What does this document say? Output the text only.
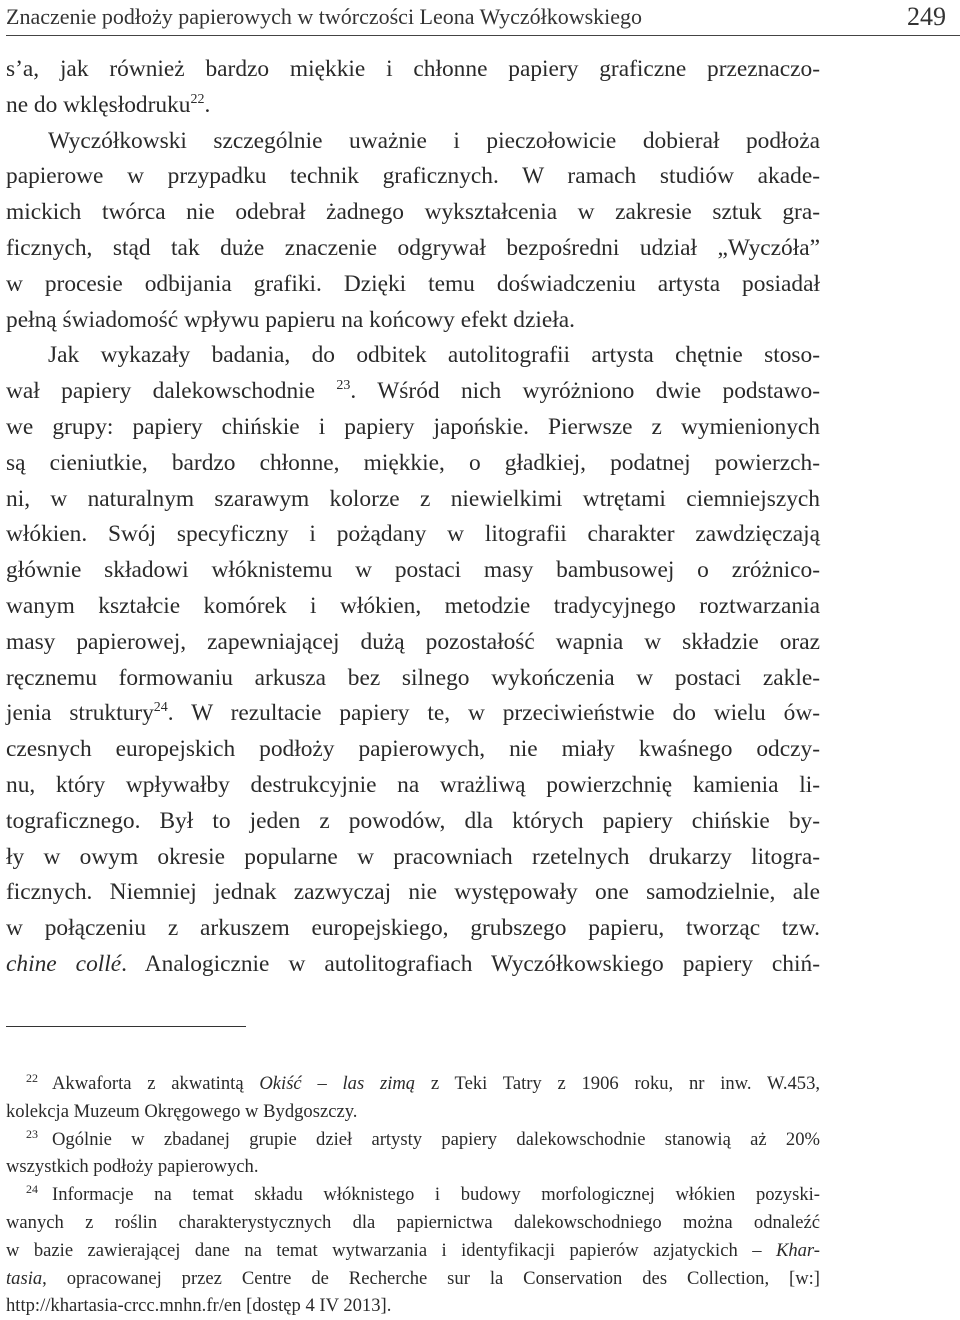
Znaczenie podłoży papierowych w twórczości Leona Wyczółkowskiego	249
s’a, jak również bardzo miękkie i chłonne papiery graficzne przeznaczo-
ne do wklęsłodruku$^{22}$.
Wyczółkowski szczególnie uważnie i pieczołowicie dobierał podłoża
papierowe w przypadku technik graficznych. W ramach studiów akade-
mickich twórca nie odebrał żadnego wykształcenia w zakresie sztuk gra-
ficznych, stąd tak duże znaczenie odgrywał bezpośredni udział „Wyczóła”
w procesie odbijania grafiki. Dzięki temu doświadczeniu artysta posiadał
pełną świadomość wpływu papieru na końcowy efekt dzieła.
Jak wykazały badania, do odbitek autolitografii artysta chętnie stoso-
wał papiery dalekowschodnie $^{23}$. Wśród nich wyróżniono dwie podstawo-
we grupy: papiery chińskie i papiery japońskie. Pierwsze z wymienionych
są cieniutkie, bardzo chłonne, miękkie, o gładkiej, podatnej powierzch-
ni, w naturalnym szarawym kolorze z niewielkimi wtrętami ciemniejszych
włókien. Swój specyficzny i pożądany w litografii charakter zawdzięczają
głównie składowi włóknistemu w postaci masy bambusowej o zróżnico-
wanym kształcie komórek i włókien, metodzie tradycyjnego roztwarzania
masy papierowej, zapewniającej dużą pozostałość wapnia w składzie oraz
ręcznemu formowaniu arkusza bez silnego wykończenia w postaci zakle-
jenia struktury$^{24}$. W rezultacie papiery te, w przeciwieństwie do wielu ów-
czesnych europejskich podłoży papierowych, nie miały kwaśnego odczy-
nu, który wpływałby destrukcyjnie na wrażliwą powierzchnię kamienia li-
tograficznego. Był to jeden z powodów, dla których papiery chińskie by-
ły w owym okresie popularne w pracowniach rzetelnych drukarzy litogra-
ficznych. Niemniej jednak zazwyczaj nie występowały one samodzielnie, ale
w połączeniu z arkuszem europejskiego, grubszego papieru, tworząc tzw.
chine collé. Analogicznie w autolitografiach Wyczółkowskiego papiery chiń-
$^{22}$ Akwaforta z akwatintą Okiść – las zimą z Teki Tatry z 1906 roku, nr inw. W.453,
kolekcja Muzeum Okręgowego w Bydgoszczy.
$^{23}$ Ogólnie w zbadanej grupie dzieł artysty papiery dalekowschodnie stanowią aż 20%
wszystkich podłoży papierowych.
$^{24}$ Informacje na temat składu włóknistego i budowy morfologicznej włókien pozyski-
wanych z roślin charakterystycznych dla papiernictwa dalekowschodniego można odnaleźć
w bazie zawierającej dane na temat wytwarzania i identyfikacji papierów azjatyckich – Khar-
tasia, opracowanej przez Centre de Recherche sur la Conservation des Collection, [w:]
http://khartasia-crcc.mnhn.fr/en [dostęp 4 IV 2013].
